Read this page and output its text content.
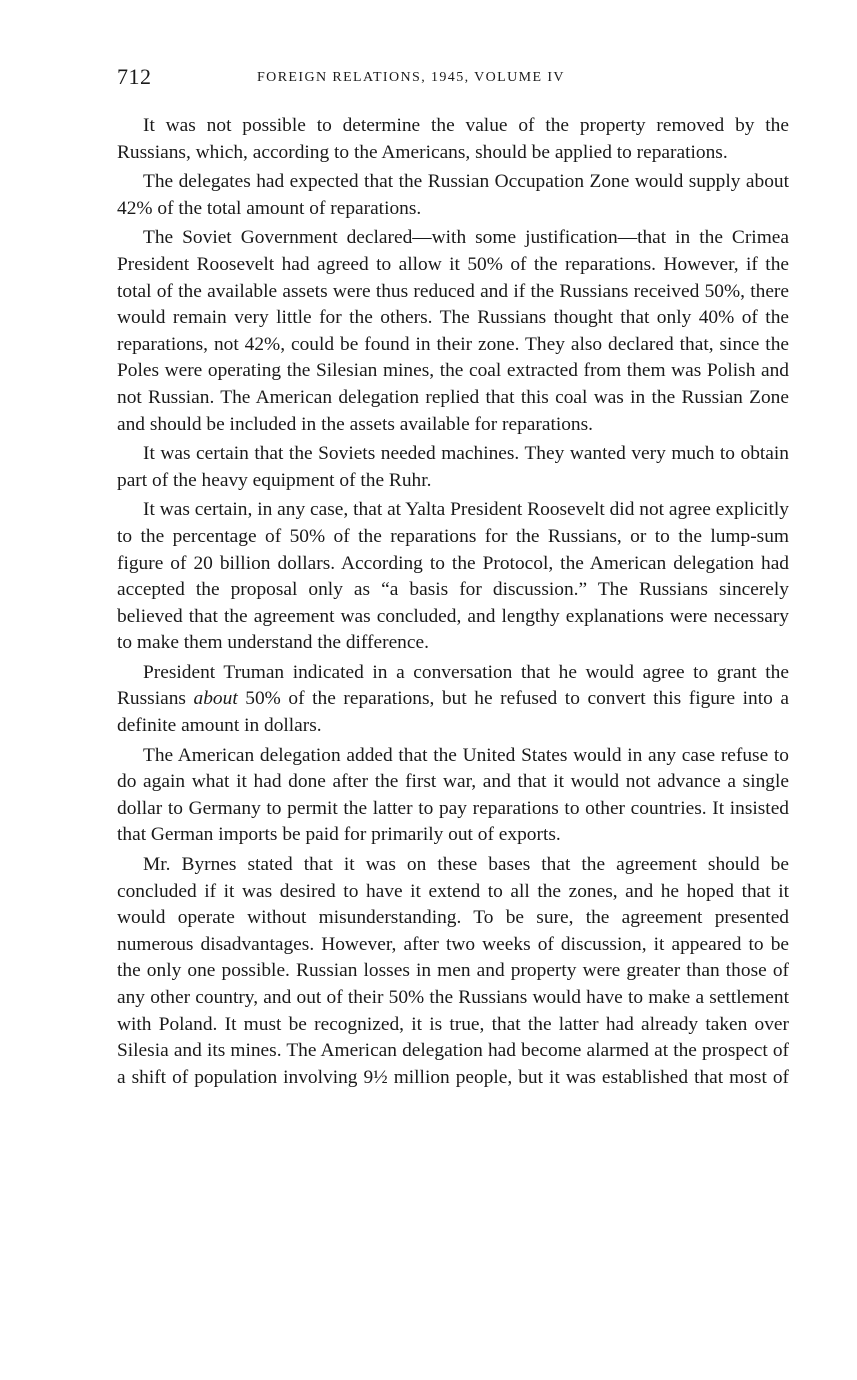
712	FOREIGN RELATIONS, 1945, VOLUME IV

It was not possible to determine the value of the property removed by the Russians, which, according to the Americans, should be applied to reparations.

The delegates had expected that the Russian Occupation Zone would supply about 42% of the total amount of reparations.

The Soviet Government declared—with some justification—that in the Crimea President Roosevelt had agreed to allow it 50% of the reparations. However, if the total of the available assets were thus reduced and if the Russians received 50%, there would remain very little for the others. The Russians thought that only 40% of the reparations, not 42%, could be found in their zone. They also declared that, since the Poles were operating the Silesian mines, the coal extracted from them was Polish and not Russian. The American delegation replied that this coal was in the Russian Zone and should be included in the assets available for reparations.

It was certain that the Soviets needed machines. They wanted very much to obtain part of the heavy equipment of the Ruhr.

It was certain, in any case, that at Yalta President Roosevelt did not agree explicitly to the percentage of 50% of the reparations for the Russians, or to the lump-sum figure of 20 billion dollars. According to the Protocol, the American delegation had accepted the proposal only as “a basis for discussion.” The Russians sincerely believed that the agreement was concluded, and lengthy explanations were necessary to make them understand the difference.

President Truman indicated in a conversation that he would agree to grant the Russians about 50% of the reparations, but he refused to convert this figure into a definite amount in dollars.

The American delegation added that the United States would in any case refuse to do again what it had done after the first war, and that it would not advance a single dollar to Germany to permit the latter to pay reparations to other countries. It insisted that German imports be paid for primarily out of exports.

Mr. Byrnes stated that it was on these bases that the agreement should be concluded if it was desired to have it extend to all the zones, and he hoped that it would operate without misunderstanding. To be sure, the agreement presented numerous disadvantages. However, after two weeks of discussion, it appeared to be the only one possible. Russian losses in men and property were greater than those of any other country, and out of their 50% the Russians would have to make a settlement with Poland. It must be recognized, it is true, that the latter had already taken over Silesia and its mines. The American delegation had become alarmed at the prospect of a shift of population involving 9½ million people, but it was established that most of
